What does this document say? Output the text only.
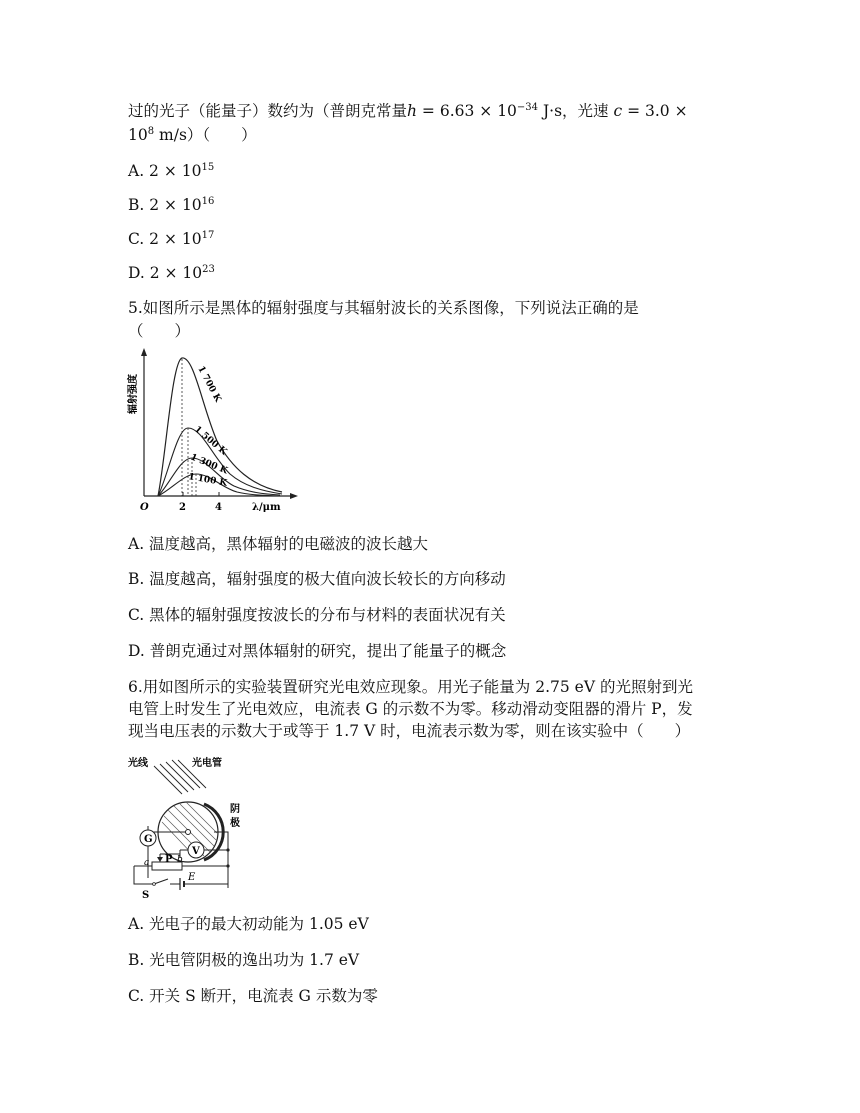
过的光子（能量子）数约为（普朗克常量$h = 6.63 \times 10^{-34}$ J·s，光速 c = 3.0 ×
$10^8$ m/s）（　　）
A. $2 \times 10^{15}$
B. $2 \times 10^{16}$
C. $2 \times 10^{17}$
D. $2 \times 10^{23}$
5.如图所示是黑体的辐射强度与其辐射波长的关系图像，下列说法正确的是
（　　）
辐射强度
O	2	4	λ/μm
1 700 K
1 500 K
1 300 K
1 100 K
A. 温度越高，黑体辐射的电磁波的波长越大
B. 温度越高，辐射强度的极大值向波长较长的方向移动
C. 黑体的辐射强度按波长的分布与材料的表面状况有关
D. 普朗克通过对黑体辐射的研究，提出了能量子的概念
6.用如图所示的实验装置研究光电效应现象。用光子能量为 2.75 eV 的光照射到光
电管上时发生了光电效应，电流表 G 的示数不为零。移动滑动变阻器的滑片 P，发
现当电压表的示数大于或等于 1.7 V 时，电流表示数为零，则在该实验中（　　）
光线	光电管
阴
极
G
V
P
a	b
S
E
A. 光电子的最大初动能为 1.05 eV
B. 光电管阴极的逸出功为 1.7 eV
C. 开关 S 断开，电流表 G 示数为零
